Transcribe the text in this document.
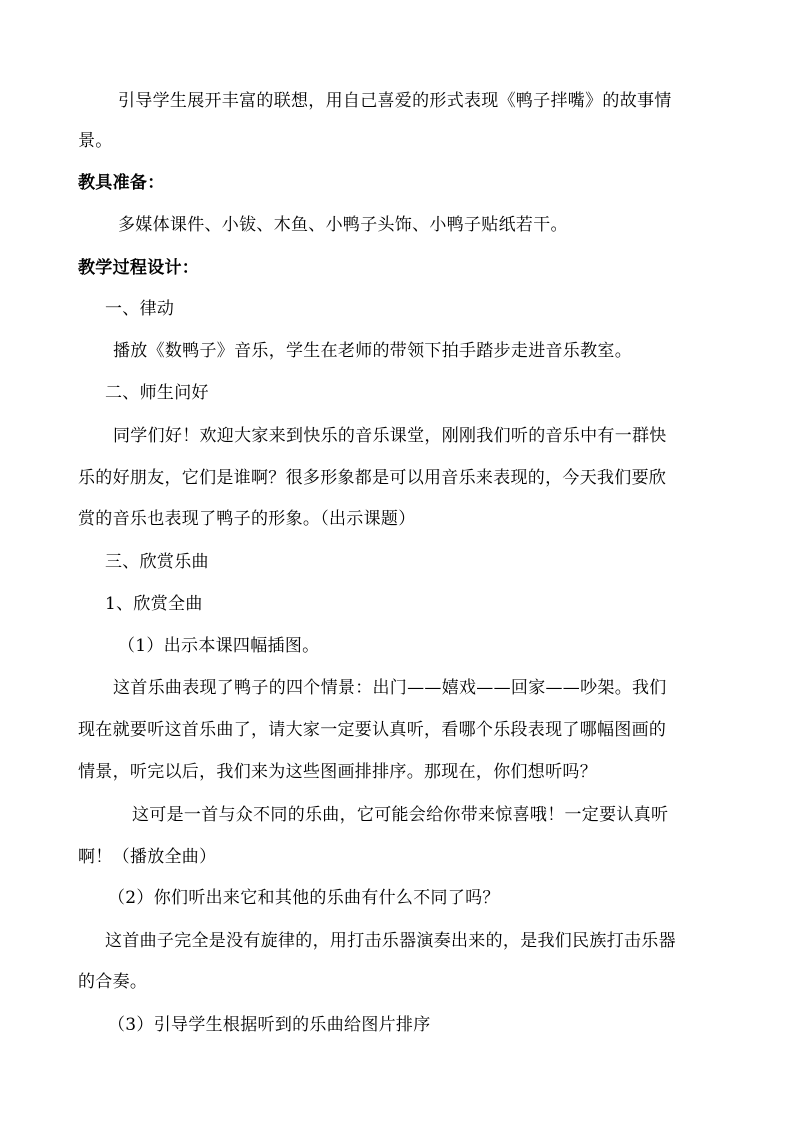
引导学生展开丰富的联想，用自己喜爱的形式表现《鸭子拌嘴》的故事情
景。
教具准备：
多媒体课件、小钹、木鱼、小鸭子头饰、小鸭子贴纸若干。
教学过程设计：
一、律动
播放《数鸭子》音乐，学生在老师的带领下拍手踏步走进音乐教室。
二、师生问好
同学们好！欢迎大家来到快乐的音乐课堂，刚刚我们听的音乐中有一群快
乐的好朋友，它们是谁啊？很多形象都是可以用音乐来表现的，今天我们要欣
赏的音乐也表现了鸭子的形象。（出示课题）
三、欣赏乐曲
1、欣赏全曲
（1）出示本课四幅插图。
这首乐曲表现了鸭子的四个情景：出门——嬉戏——回家——吵架。我们
现在就要听这首乐曲了，请大家一定要认真听，看哪个乐段表现了哪幅图画的
情景，听完以后，我们来为这些图画排排序。那现在，你们想听吗？
这可是一首与众不同的乐曲，它可能会给你带来惊喜哦！一定要认真听
啊！（播放全曲）
（2）你们听出来它和其他的乐曲有什么不同了吗？
这首曲子完全是没有旋律的，用打击乐器演奏出来的，是我们民族打击乐器
的合奏。
（3）引导学生根据听到的乐曲给图片排序
